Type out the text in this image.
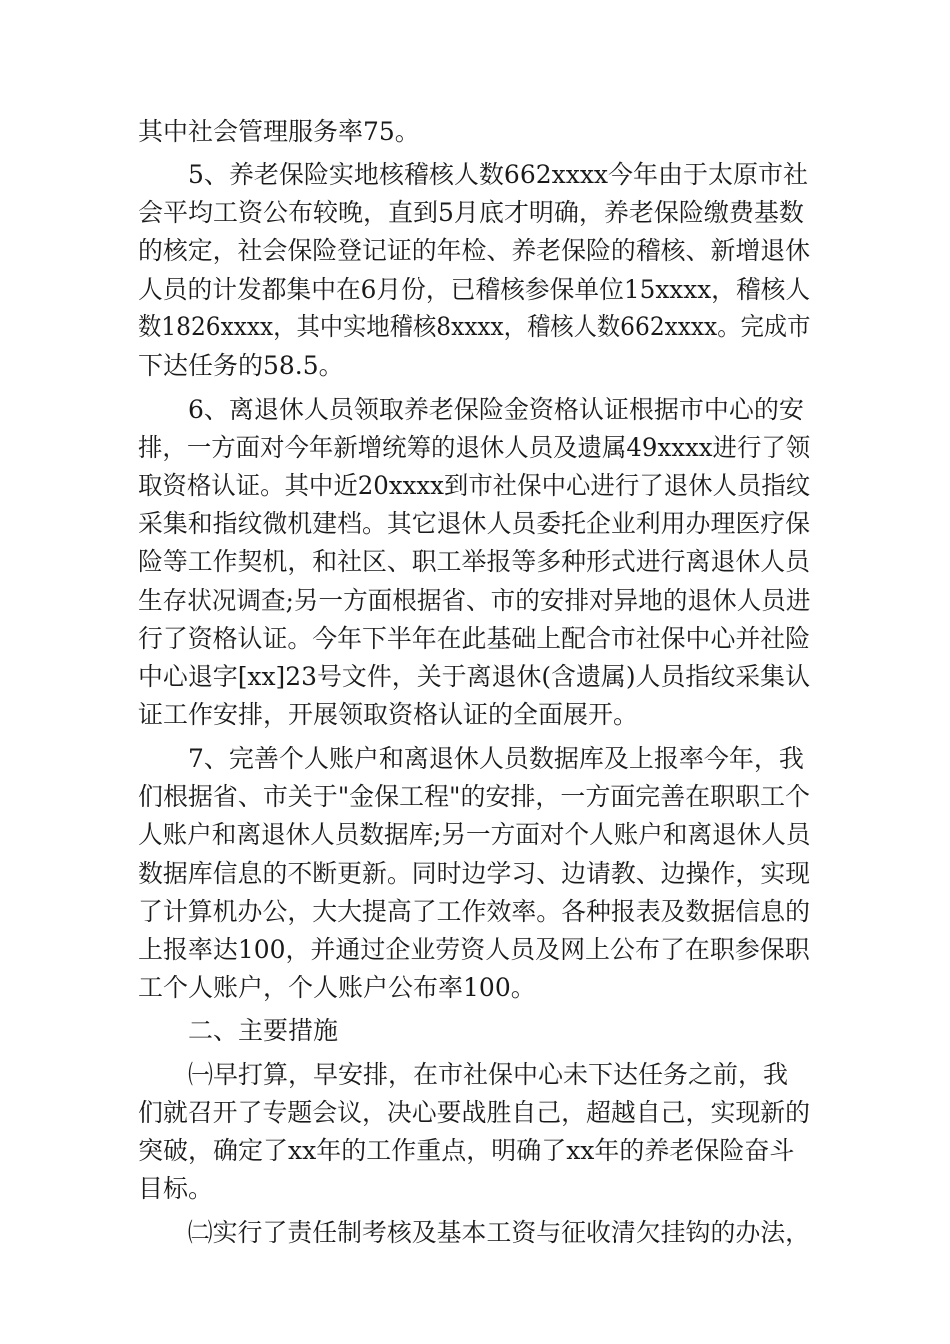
其中社会管理服务率75。
　　5、养老保险实地核稽核人数662xxxx今年由于太原市社
会平均工资公布较晚，直到5月底才明确，养老保险缴费基数
的核定，社会保险登记证的年检、养老保险的稽核、新增退休
人员的计发都集中在6月份，已稽核参保单位15xxxx，稽核人
数1826xxxx，其中实地稽核8xxxx，稽核人数662xxxx。完成市
下达任务的58.5。
　　6、离退休人员领取养老保险金资格认证根据市中心的安
排，一方面对今年新增统筹的退休人员及遗属49xxxx进行了领
取资格认证。其中近20xxxx到市社保中心进行了退休人员指纹
采集和指纹微机建档。其它退休人员委托企业利用办理医疗保
险等工作契机，和社区、职工举报等多种形式进行离退休人员
生存状况调查;另一方面根据省、市的安排对异地的退休人员进
行了资格认证。今年下半年在此基础上配合市社保中心并社险
中心退字[xx]23号文件，关于离退休(含遗属)人员指纹采集认
证工作安排，开展领取资格认证的全面展开。
　　7、完善个人账户和离退休人员数据库及上报率今年，我
们根据省、市关于"金保工程"的安排，一方面完善在职职工个
人账户和离退休人员数据库;另一方面对个人账户和离退休人员
数据库信息的不断更新。同时边学习、边请教、边操作，实现
了计算机办公，大大提高了工作效率。各种报表及数据信息的
上报率达100，并通过企业劳资人员及网上公布了在职参保职
工个人账户，个人账户公布率100。
　　二、主要措施
　　㈠早打算，早安排，在市社保中心未下达任务之前，我
们就召开了专题会议，决心要战胜自己，超越自己，实现新的
突破，确定了xx年的工作重点，明确了xx年的养老保险奋斗
目标。
　　㈡实行了责任制考核及基本工资与征收清欠挂钩的办法，
